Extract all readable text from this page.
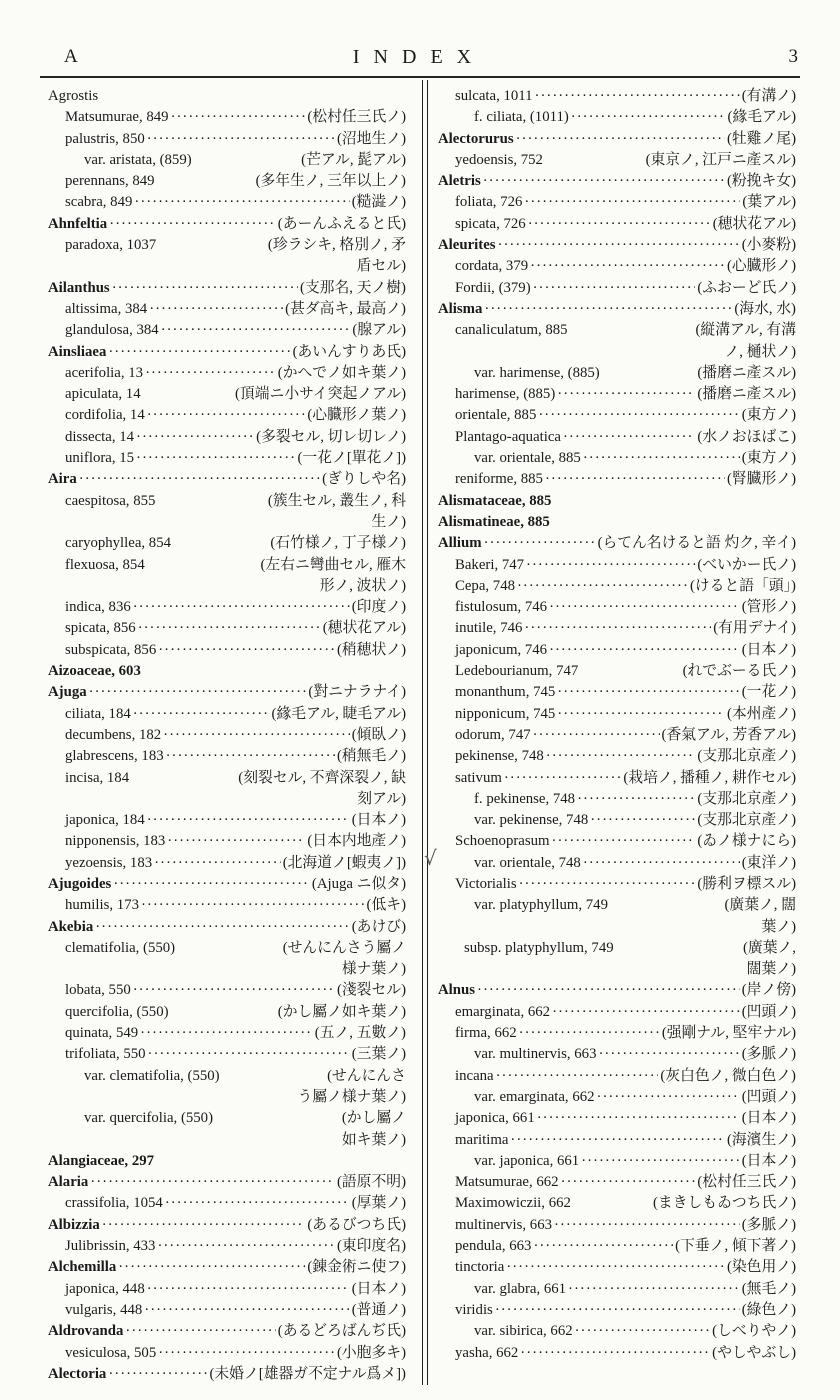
A	INDEX	3
Agrostis
Matsumurae, 849 ·····	(松村任三氏ノ)
palustris, 850 ·····	(沼地生ノ)
var. aristata, (859)	(芒アル, 髭アル)
perennans, 849	(多年生ノ, 三年以上ノ)
scabra, 849 ·····	(糙澁ノ)
Ahnfeltia ·····	(あーんふえると氏)
paradoxa, 1037	(珍ラシキ, 格別ノ, 矛
盾セル)
Ailanthus ·····	(支那名, 天ノ樹)
altissima, 384 ·····	(甚ダ高キ, 最高ノ)
glandulosa, 384 ·····	(腺アル)
Ainsliaea ·····	(あいんすりあ氏)
acerifolia, 13 ·····	(かへでノ如キ葉ノ)
apiculata, 14	(頂端ニ小サイ突起ノアル)
cordifolia, 14 ·····	(心臓形ノ葉ノ)
dissecta, 14 ·····	(多裂セル, 切レ切レノ)
uniflora, 15 ·····	(一花ノ[單花ノ])
Aira ·····	(ぎりしや名)
caespitosa, 855	(簇生セル, 叢生ノ, 科
生ノ)
caryophyllea, 854	(石竹様ノ, 丁子様ノ)
flexuosa, 854	(左右ニ彎曲セル, 雁木
形ノ, 波状ノ)
indica, 836 ·····	(印度ノ)
spicata, 856 ·····	(穂状花アル)
subspicata, 856 ·····	(稍穂状ノ)
Aizoaceae, 603
Ajuga ·····	(對ニナラナイ)
ciliata, 184 ·····	(緣毛アル, 睫毛アル)
decumbens, 182 ·····	(傾臥ノ)
glabrescens, 183 ·····	(稍無毛ノ)
incisa, 184	(刻裂セル, 不齊深裂ノ, 缺
刻アル)
japonica, 184 ·····	(日本ノ)
nipponensis, 183 ·····	(日本内地產ノ)
yezoensis, 183 ·····	(北海道ノ[蝦夷ノ])
Ajugoides ·····	(Ajuga ニ似タ)
humilis, 173 ·····	(低キ)
Akebia ·····	(あけび)
clematifolia, (550)	(せんにんさう屬ノ
様ナ葉ノ)
lobata, 550 ·····	(淺裂セル)
quercifolia, (550)	(かし屬ノ如キ葉ノ)
quinata, 549 ·····	(五ノ, 五數ノ)
trifoliata, 550 ·····	(三葉ノ)
var. clematifolia, (550)	(せんにんさ
う屬ノ様ナ葉ノ)
var. quercifolia, (550)	(かし屬ノ
如キ葉ノ)
Alangiaceae, 297
Alaria ·····	(語原不明)
crassifolia, 1054 ·····	(厚葉ノ)
Albizzia ·····	(あるびつち氏)
Julibrissin, 433 ·····	(東印度名)
Alchemilla ·····	(錬金術ニ使フ)
japonica, 448 ·····	(日本ノ)
vulgaris, 448 ·····	(普通ノ)
Aldrovanda ·····	(あるどろばんぢ氏)
vesiculosa, 505 ·····	(小胞多キ)
Alectoria ·····	(未婚ノ[雄器ガ不定ナル爲メ])
sulcata, 1011 ·····	(有溝ノ)
f. ciliata, (1011) ·····	(緣毛アル)
Alectorurus ·····	(牡雞ノ尾)
yedoensis, 752	(東京ノ, 江戸ニ產スル)
Aletris ·····	(粉挽キ女)
foliata, 726 ·····	(葉アル)
spicata, 726 ·····	(穂状花アル)
Aleurites ·····	(小麥粉)
cordata, 379 ·····	(心臓形ノ)
Fordii, (379) ·····	(ふおーど氏ノ)
Alisma ·····	(海水, 水)
canaliculatum, 885	(縦溝アル, 有溝
ノ, 樋状ノ)
var. harimense, (885)	(播磨ニ產スル)
harimense, (885) ·····	(播磨ニ產スル)
orientale, 885 ·····	(東方ノ)
Plantago-aquatica ·····	(水ノおほばこ)
var. orientale, 885 ·····	(東方ノ)
reniforme, 885 ·····	(腎臓形ノ)
Alismataceae, 885
Alismatineae, 885
Allium ·····	(らてん名けると語 灼ク, 辛イ)
Bakeri, 747 ·····	(べいかー氏ノ)
Cepa, 748 ·····	(けると語「頭」)
fistulosum, 746 ·····	(管形ノ)
inutile, 746 ·····	(有用デナイ)
japonicum, 746 ·····	(日本ノ)
Ledebourianum, 747	(れでぶーる氏ノ)
monanthum, 745 ·····	(一花ノ)
nipponicum, 745 ·····	(本州產ノ)
odorum, 747 ·····	(香氣アル, 芳香アル)
pekinense, 748 ·····	(支那北京產ノ)
sativum ·····	(栽培ノ, 播種ノ, 耕作セル)
f. pekinense, 748 ·····	(支那北京產ノ)
var. pekinense, 748 ·····	(支那北京產ノ)
Schoenoprasum ·····	(ゐノ様ナにら)
var. orientale, 748 ·····	(東洋ノ)
Victorialis ·····	(勝利ヲ標スル)
var. platyphyllum, 749	(廣葉ノ, 闊
葉ノ)
subsp. platyphyllum, 749	(廣葉ノ,
闊葉ノ)
Alnus ·····	(岸ノ傍)
emarginata, 662 ·····	(凹頭ノ)
firma, 662 ·····	(强剛ナル, 堅牢ナル)
var. multinervis, 663 ·····	(多脈ノ)
incana ·····	(灰白色ノ, 微白色ノ)
var. emarginata, 662 ·····	(凹頭ノ)
japonica, 661 ·····	(日本ノ)
maritima ·····	(海濱生ノ)
var. japonica, 661 ·····	(日本ノ)
Matsumurae, 662 ·····	(松村任三氏ノ)
Maximowiczii, 662	(まきしもゐつち氏ノ)
multinervis, 663 ·····	(多脈ノ)
pendula, 663 ·····	(下垂ノ, 傾下著ノ)
tinctoria ·····	(染色用ノ)
var. glabra, 661 ·····	(無毛ノ)
viridis ·····	(綠色ノ)
var. sibirica, 662 ·····	(しべりやノ)
yasha, 662 ·····	(やしやぶし)
√
